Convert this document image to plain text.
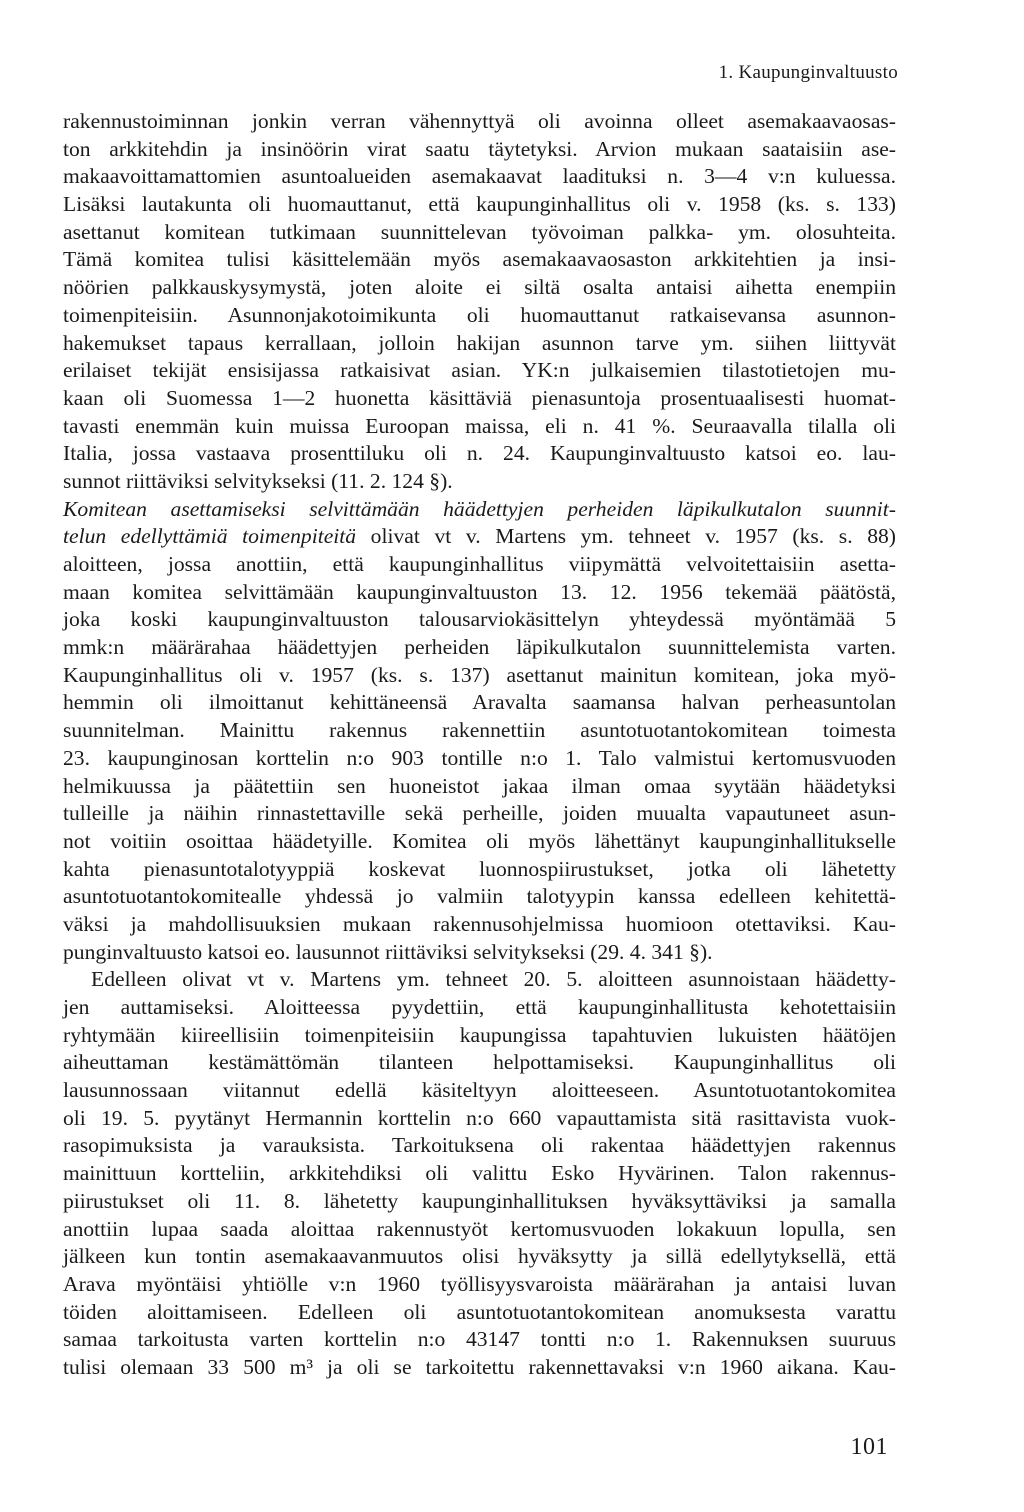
1. Kaupunginvaltuusto
rakennustoiminnan jonkin verran vähennyttyä oli avoinna olleet asemakaavaosas-
ton arkkitehdin ja insinöörin virat saatu täytetyksi. Arvion mukaan saataisiin ase-
makaavoittamattomien asuntoalueiden asemakaavat laadituksi n. 3—4 v:n kuluessa.
Lisäksi lautakunta oli huomauttanut, että kaupunginhallitus oli v. 1958 (ks. s. 133)
asettanut komitean tutkimaan suunnittelevan työvoiman palkka- ym. olosuhteita.
Tämä komitea tulisi käsittelemään myös asemakaavaosaston arkkitehtien ja insi-
nöörien palkkauskysymystä, joten aloite ei siltä osalta antaisi aihetta enempiin
toimenpiteisiin. Asunnonjakotoimikunta oli huomauttanut ratkaisevansa asunnon-
hakemukset tapaus kerrallaan, jolloin hakijan asunnon tarve ym. siihen liittyvät
erilaiset tekijät ensisijassa ratkaisivat asian. YK:n julkaisemien tilastotietojen mu-
kaan oli Suomessa 1—2 huonetta käsittäviä pienasuntoja prosentuaalisesti huomat-
tavasti enemmän kuin muissa Euroopan maissa, eli n. 41 %. Seuraavalla tilalla oli
Italia, jossa vastaava prosenttiluku oli n. 24. Kaupunginvaltuusto katsoi eo. lau-
sunnot riittäviksi selvitykseksi (11. 2. 124 §).
Komitean asettamiseksi selvittämään häädettyjen perheiden läpikulkutalon suunnit-
telun edellyttämiä toimenpiteitä olivat vt v. Martens ym. tehneet v. 1957 (ks. s. 88)
aloitteen, jossa anottiin, että kaupunginhallitus viipymättä velvoitettaisiin asetta-
maan komitea selvittämään kaupunginvaltuuston 13. 12. 1956 tekemää päätöstä,
joka koski kaupunginvaltuuston talousarviokäsittelyn yhteydessä myöntämää 5
mmk:n määrärahaa häädettyjen perheiden läpikulkutalon suunnittelemista varten.
Kaupunginhallitus oli v. 1957 (ks. s. 137) asettanut mainitun komitean, joka myö-
hemmin oli ilmoittanut kehittäneensä Aravalta saamansa halvan perheasuntolan
suunnitelman. Mainittu rakennus rakennettiin asuntotuotantokomitean toimesta
23. kaupunginosan korttelin n:o 903 tontille n:o 1. Talo valmistui kertomusvuoden
helmikuussa ja päätettiin sen huoneistot jakaa ilman omaa syytään häädetyksi
tulleille ja näihin rinnastettaville sekä perheille, joiden muualta vapautuneet asun-
not voitiin osoittaa häädetyille. Komitea oli myös lähettänyt kaupunginhallitukselle
kahta pienasuntotalotyyppiä koskevat luonnospiirustukset, jotka oli lähetetty
asuntotuotantokomitealle yhdessä jo valmiin talotyypin kanssa edelleen kehitettä-
väksi ja mahdollisuuksien mukaan rakennusohjelmissa huomioon otettaviksi. Kau-
punginvaltuusto katsoi eo. lausunnot riittäviksi selvitykseksi (29. 4. 341 §).
Edelleen olivat vt v. Martens ym. tehneet 20. 5. aloitteen asunnoistaan häädetty-
jen auttamiseksi. Aloitteessa pyydettiin, että kaupunginhallitusta kehotettaisiin
ryhtymään kiireellisiin toimenpiteisiin kaupungissa tapahtuvien lukuisten häätöjen
aiheuttaman kestämättömän tilanteen helpottamiseksi. Kaupunginhallitus oli
lausunnossaan viitannut edellä käsiteltyyn aloitteeseen. Asuntotuotantokomitea
oli 19. 5. pyytänyt Hermannin korttelin n:o 660 vapauttamista sitä rasittavista vuok-
rasopimuksista ja varauksista. Tarkoituksena oli rakentaa häädettyjen rakennus
mainittuun kortteliin, arkkitehdiksi oli valittu Esko Hyvärinen. Talon rakennus-
piirustukset oli 11. 8. lähetetty kaupunginhallituksen hyväksyttäviksi ja samalla
anottiin lupaa saada aloittaa rakennustyöt kertomusvuoden lokakuun lopulla, sen
jälkeen kun tontin asemakaavanmuutos olisi hyväksytty ja sillä edellytyksellä, että
Arava myöntäisi yhtiölle v:n 1960 työllisyysvaroista määrärahan ja antaisi luvan
töiden aloittamiseen. Edelleen oli asuntotuotantokomitean anomuksesta varattu
samaa tarkoitusta varten korttelin n:o 43147 tontti n:o 1. Rakennuksen suuruus
tulisi olemaan 33 500 m³ ja oli se tarkoitettu rakennettavaksi v:n 1960 aikana. Kau-
101
